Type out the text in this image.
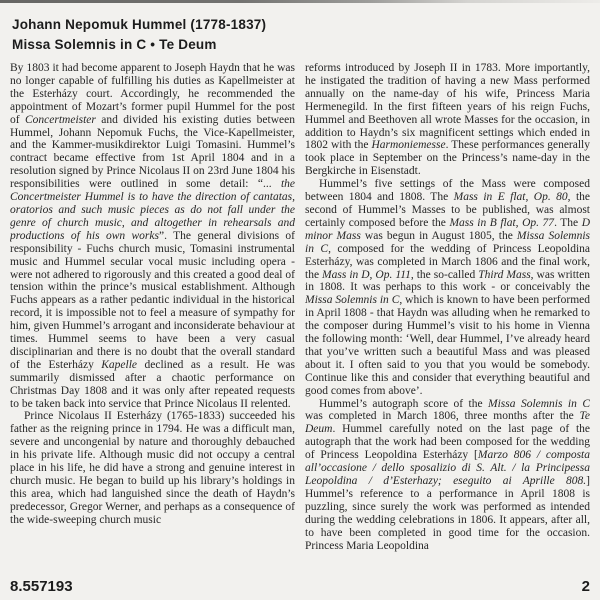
Johann Nepomuk Hummel (1778-1837)
Missa Solemnis in C • Te Deum

By 1803 it had become apparent to Joseph Haydn that he was no longer capable of fulfilling his duties as Kapellmeister at the Esterházy court. Accordingly, he recommended the appointment of Mozart’s former pupil Hummel for the post of Concertmeister and divided his existing duties between Hummel, Johann Nepomuk Fuchs, the Vice-Kapellmeister, and the Kammer-musikdirektor Luigi Tomasini. Hummel’s contract became effective from 1st April 1804 and in a resolution signed by Prince Nicolaus II on 23rd June 1804 his responsibilities were outlined in some detail: “... the Concertmeister Hummel is to have the direction of cantatas, oratorios and such music pieces as do not fall under the genre of church music, and altogether in rehearsals and productions of his own works”. The general divisions of responsibility - Fuchs church music, Tomasini instrumental music and Hummel secular vocal music including opera - were not adhered to rigorously and this created a good deal of tension within the prince’s musical establishment. Although Fuchs appears as a rather pedantic individual in the historical record, it is impossible not to feel a measure of sympathy for him, given Hummel’s arrogant and inconsiderate behaviour at times. Hummel seems to have been a very casual disciplinarian and there is no doubt that the overall standard of the Esterházy Kapelle declined as a result. He was summarily dismissed after a chaotic performance on Christmas Day 1808 and it was only after repeated requests to be taken back into service that Prince Nicolaus II relented.

Prince Nicolaus II Esterházy (1765-1833) succeeded his father as the reigning prince in 1794. He was a difficult man, severe and uncongenial by nature and thoroughly debauched in his private life. Although music did not occupy a central place in his life, he did have a strong and genuine interest in church music. He began to build up his library’s holdings in this area, which had languished since the death of Haydn’s predecessor, Gregor Werner, and perhaps as a consequence of the wide-sweeping church music

reforms introduced by Joseph II in 1783. More importantly, he instigated the tradition of having a new Mass performed annually on the name-day of his wife, Princess Maria Hermenegild. In the first fifteen years of his reign Fuchs, Hummel and Beethoven all wrote Masses for the occasion, in addition to Haydn’s six magnificent settings which ended in 1802 with the Harmoniemesse. These performances generally took place in September on the Princess’s name-day in the Bergkirche in Eisenstadt.

Hummel’s five settings of the Mass were composed between 1804 and 1808. The Mass in E flat, Op. 80, the second of Hummel’s Masses to be published, was almost certainly composed before the Mass in B flat, Op. 77. The D minor Mass was begun in August 1805, the Missa Solemnis in C, composed for the wedding of Princess Leopoldina Esterházy, was completed in March 1806 and the final work, the Mass in D, Op. 111, the so-called Third Mass, was written in 1808. It was perhaps to this work - or conceivably the Missa Solemnis in C, which is known to have been performed in April 1808 - that Haydn was alluding when he remarked to the composer during Hummel’s visit to his home in Vienna the following month: ‘Well, dear Hummel, I’ve already heard that you’ve written such a beautiful Mass and was pleased about it. I often said to you that you would be somebody. Continue like this and consider that everything beautiful and good comes from above’.

Hummel’s autograph score of the Missa Solemnis in C was completed in March 1806, three months after the Te Deum. Hummel carefully noted on the last page of the autograph that the work had been composed for the wedding of Princess Leopoldina Esterházy [Marzo 806 / composta all’occasione / dello sposalizio di S. Alt. / la Principessa Leopoldina / d’Esterhazy; eseguito ai Aprille 808.] Hummel’s reference to a performance in April 1808 is puzzling, since surely the work was performed as intended during the wedding celebrations in 1806. It appears, after all, to have been completed in good time for the occasion. Princess Maria Leopoldina

8.557193	2
